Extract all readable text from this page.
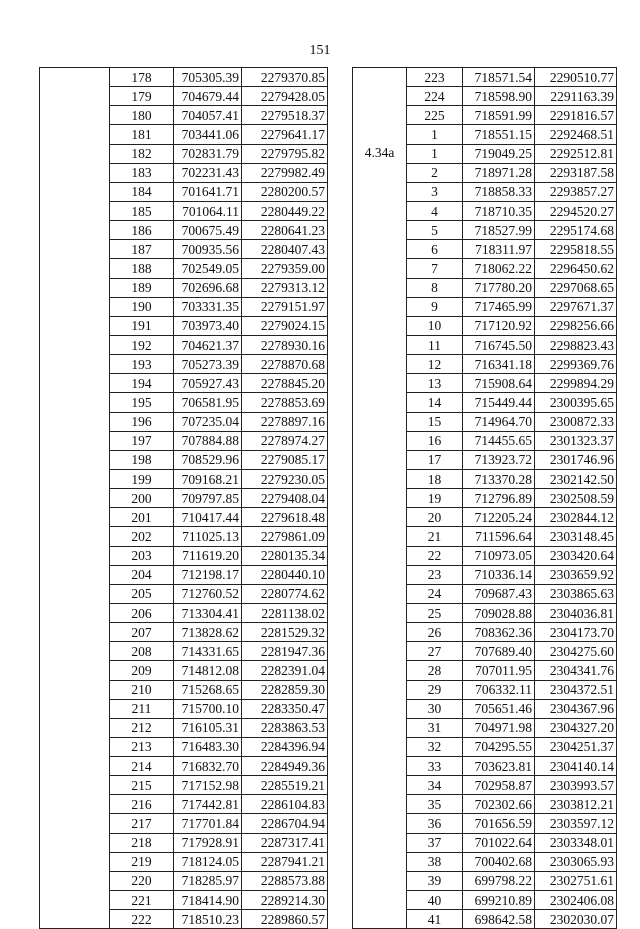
151
	178	705305.39	2279370.85
	179	704679.44	2279428.05
	180	704057.41	2279518.37
	181	703441.06	2279641.17
	182	702831.79	2279795.82
	183	702231.43	2279982.49
	184	701641.71	2280200.57
	185	701064.11	2280449.22
	186	700675.49	2280641.23
	187	700935.56	2280407.43
	188	702549.05	2279359.00
	189	702696.68	2279313.12
	190	703331.35	2279151.97
	191	703973.40	2279024.15
	192	704621.37	2278930.16
	193	705273.39	2278870.68
	194	705927.43	2278845.20
	195	706581.95	2278853.69
	196	707235.04	2278897.16
	197	707884.88	2278974.27
	198	708529.96	2279085.17
	199	709168.21	2279230.05
	200	709797.85	2279408.04
	201	710417.44	2279618.48
	202	711025.13	2279861.09
	203	711619.20	2280135.34
	204	712198.17	2280440.10
	205	712760.52	2280774.62
	206	713304.41	2281138.02
	207	713828.62	2281529.32
	208	714331.65	2281947.36
	209	714812.08	2282391.04
	210	715268.65	2282859.30
	211	715700.10	2283350.47
	212	716105.31	2283863.53
	213	716483.30	2284396.94
	214	716832.70	2284949.36
	215	717152.98	2285519.21
	216	717442.81	2286104.83
	217	717701.84	2286704.94
	218	717928.91	2287317.41
	219	718124.05	2287941.21
	220	718285.97	2288573.88
	221	718414.90	2289214.30
	222	718510.23	2289860.57
	223	718571.54	2290510.77
	224	718598.90	2291163.39
	225	718591.99	2291816.57
	1	718551.15	2292468.51
4.34a	1	719049.25	2292512.81
	2	718971.28	2293187.58
	3	718858.33	2293857.27
	4	718710.35	2294520.27
	5	718527.99	2295174.68
	6	718311.97	2295818.55
	7	718062.22	2296450.62
	8	717780.20	2297068.65
	9	717465.99	2297671.37
	10	717120.92	2298256.66
	11	716745.50	2298823.43
	12	716341.18	2299369.76
	13	715908.64	2299894.29
	14	715449.44	2300395.65
	15	714964.70	2300872.33
	16	714455.65	2301323.37
	17	713923.72	2301746.96
	18	713370.28	2302142.50
	19	712796.89	2302508.59
	20	712205.24	2302844.12
	21	711596.64	2303148.45
	22	710973.05	2303420.64
	23	710336.14	2303659.92
	24	709687.43	2303865.63
	25	709028.88	2304036.81
	26	708362.36	2304173.70
	27	707689.40	2304275.60
	28	707011.95	2304341.76
	29	706332.11	2304372.51
	30	705651.46	2304367.96
	31	704971.98	2304327.20
	32	704295.55	2304251.37
	33	703623.81	2304140.14
	34	702958.87	2303993.57
	35	702302.66	2303812.21
	36	701656.59	2303597.12
	37	701022.64	2303348.01
	38	700402.68	2303065.93
	39	699798.22	2302751.61
	40	699210.89	2302406.08
	41	698642.58	2302030.07
